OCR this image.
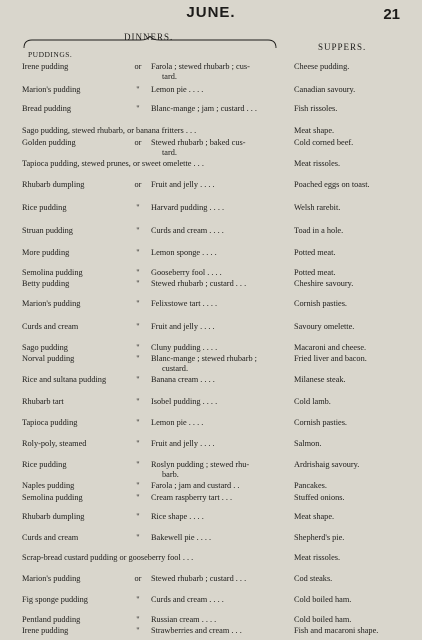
JUNE.	21
DINNERS.
PUDDINGS.
SUPPERS.
Irene pudding	or	Farola ; stewed rhubarb ; cus-	Cheese pudding.
tard.
Marion's pudding	"	Lemon pie . . . .	Canadian savoury.
Bread pudding	"	Blanc-mange ; jam ; custard . . .	Fish rissoles.
Sago pudding, stewed rhubarb, or banana fritters . . .	Meat shape.
Golden pudding	or	Stewed rhubarb ; baked cus-	Cold corned beef.
tard.
Tapioca pudding, stewed prunes, or sweet omelette . . .	Meat rissoles.
Rhubarb dumpling	or	Fruit and jelly . . . .	Poached eggs on toast.
Rice pudding	"	Harvard pudding . . . .	Welsh rarebit.
Struan pudding	"	Curds and cream . . . .	Toad in a hole.
More pudding	"	Lemon sponge . . . .	Potted meat.
Semolina pudding	"	Gooseberry fool . . . .	Potted meat.
Betty pudding	"	Stewed rhubarb ; custard . . .	Cheshire savoury.
Marion's pudding	"	Felixstowe tart . . . .	Cornish pasties.
Curds and cream	"	Fruit and jelly . . . .	Savoury omelette.
Sago pudding	"	Cluny pudding . . . .	Macaroni and cheese.
Norval pudding	"	Blanc-mange ; stewed rhubarb ;	Fried liver and bacon.
custard.
Rice and sultana pudding	"	Banana cream . . . .	Milanese steak.
Rhubarb tart	"	Isobel pudding . . . .	Cold lamb.
Tapioca pudding	"	Lemon pie . . . .	Cornish pasties.
Roly-poly, steamed	"	Fruit and jelly . . . .	Salmon.
Rice pudding	"	Roslyn pudding ; stewed rhu-	Ardrishaig savoury.
barb.
Naples pudding	"	Farola ; jam and custard . .	Pancakes.
Semolina pudding	"	Cream raspberry tart . . .	Stuffed onions.
Rhubarb dumpling	"	Rice shape . . . .	Meat shape.
Curds and cream	"	Bakewell pie . . . .	Shepherd's pie.
Scrap-bread custard pudding or gooseberry fool . . .	Meat rissoles.
Marion's pudding	or	Stewed rhubarb ; custard . . .	Cod steaks.
Fig sponge pudding	"	Curds and cream . . . .	Cold boiled ham.
Pentland pudding	"	Russian cream . . . .	Cold boiled ham.
Irene pudding	"	Strawberries and cream . . .	Fish and macaroni shape.
